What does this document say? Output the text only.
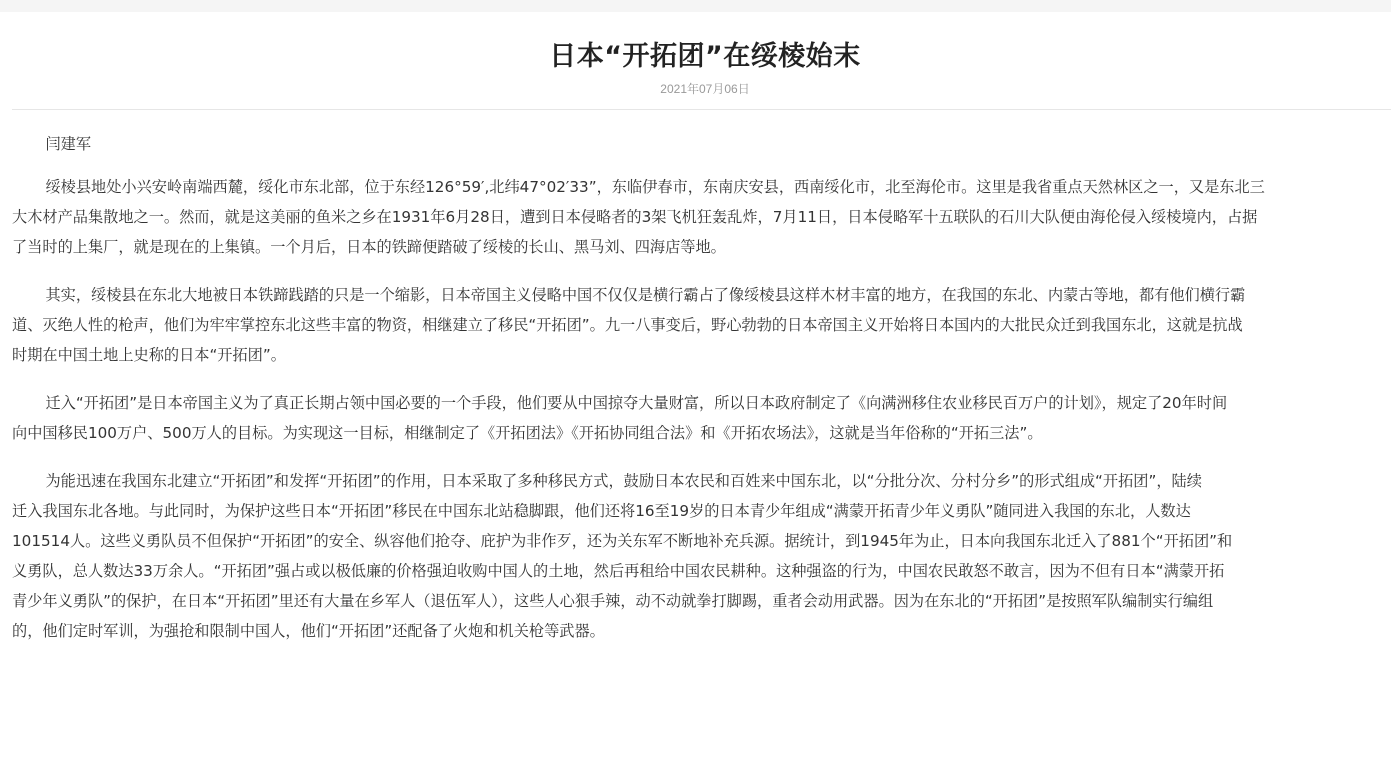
日本“开拓团”在绥棱始末
2021年07月06日

闫建军

绥棱县地处小兴安岭南端西麓，绥化市东北部，位于东经126°59′,北纬47°02′33”，东临伊春市，东南庆安县，西南绥化市，北至海伦市。这里是我省重点天然林区之一，又是东北三
大木材产品集散地之一。然而，就是这美丽的鱼米之乡在1931年6月28日，遭到日本侵略者的3架飞机狂轰乱炸，7月11日，日本侵略军十五联队的石川大队便由海伦侵入绥棱境内，占据
了当时的上集厂，就是现在的上集镇。一个月后，日本的铁蹄便踏破了绥棱的长山、黑马刘、四海店等地。

其实，绥棱县在东北大地被日本铁蹄践踏的只是一个缩影，日本帝国主义侵略中国不仅仅是横行霸占了像绥棱县这样木材丰富的地方，在我国的东北、内蒙古等地，都有他们横行霸
道、灭绝人性的枪声，他们为牢牢掌控东北这些丰富的物资，相继建立了移民“开拓团”。九一八事变后，野心勃勃的日本帝国主义开始将日本国内的大批民众迁到我国东北，这就是抗战
时期在中国土地上史称的日本“开拓团”。

迁入“开拓团”是日本帝国主义为了真正长期占领中国必要的一个手段，他们要从中国掠夺大量财富，所以日本政府制定了《向满洲移住农业移民百万户的计划》，规定了20年时间
向中国移民100万户、500万人的目标。为实现这一目标，相继制定了《开拓团法》《开拓协同组合法》和《开拓农场法》，这就是当年俗称的“开拓三法”。

为能迅速在我国东北建立“开拓团”和发挥“开拓团”的作用，日本采取了多种移民方式，鼓励日本农民和百姓来中国东北，以“分批分次、分村分乡”的形式组成“开拓团”，陆续
迁入我国东北各地。与此同时，为保护这些日本“开拓团”移民在中国东北站稳脚跟，他们还将16至19岁的日本青少年组成“满蒙开拓青少年义勇队”随同进入我国的东北，人数达
101514人。这些义勇队员不但保护“开拓团”的安全、纵容他们抢夺、庇护为非作歹，还为关东军不断地补充兵源。据统计，到1945年为止，日本向我国东北迁入了881个“开拓团”和
义勇队，总人数达33万余人。“开拓团”强占或以极低廉的价格强迫收购中国人的土地，然后再租给中国农民耕种。这种强盗的行为，中国农民敢怒不敢言，因为不但有日本“满蒙开拓
青少年义勇队”的保护，在日本“开拓团”里还有大量在乡军人（退伍军人），这些人心狠手辣，动不动就拳打脚踢，重者会动用武器。因为在东北的“开拓团”是按照军队编制实行编组
的，他们定时军训，为强抢和限制中国人，他们“开拓团”还配备了火炮和机关枪等武器。
